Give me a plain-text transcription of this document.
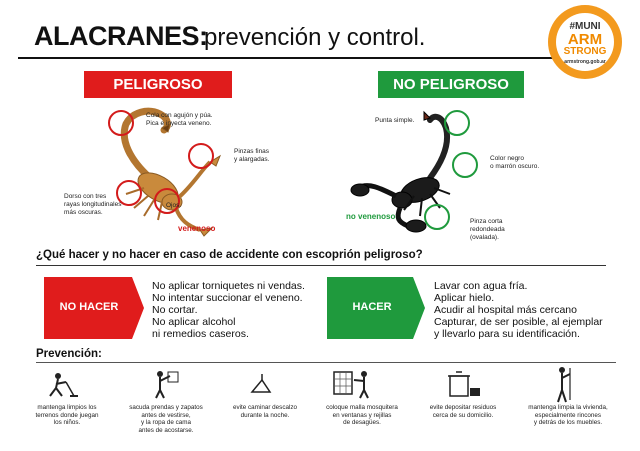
ALACRANES:
prevención y control.	#MUNI
ARM
STRONG
armstrong.gob.ar
PELIGROSO	NO PELIGROSO
Cola con agujón y púa.
Pica e inyecta veneno.
Pinzas finas
y alargadas.
Dorso con tres
rayas longitudinales
más oscuras.
Ojos.
venenoso
Punta simple.
Color negro
o marrón oscuro.
Pinza corta
redondeada
(ovalada).
no venenoso
¿Qué hacer y no hacer en caso de accidente con escoprión peligroso?
NO HACER
No aplicar torniquetes ni vendas.
No intentar succionar el veneno.
No cortar.
No aplicar alcohol
ni remedios caseros.
HACER
Lavar con agua fría.
Aplicar hielo.
Acudir al hospital más cercano
Capturar, de ser posible, al ejemplar
y llevarlo para su identificación.
Prevención:
mantenga limpios los
terrenos donde juegan
los niños.
sacuda prendas y zapatos
antes de vestirse,
y la ropa de cama
antes de acostarse.
evite caminar descalzo
durante la noche.
coloque malla mosquitera
en ventanas y rejillas
de desagües.
evite depositar residuos
cerca de su domicilio.
mantenga limpia la vivienda,
especialmente rincones
y detrás de los muebles.
